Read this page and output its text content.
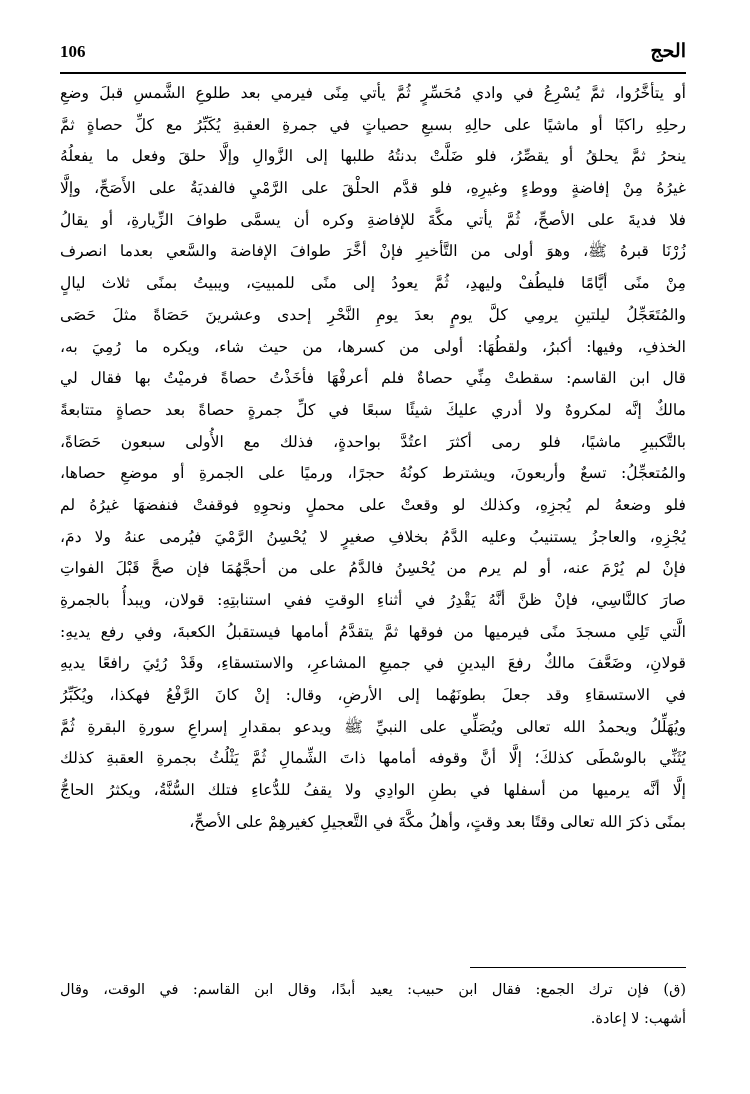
106	الحج
أو يتأخَّرُوا، ثمَّ يُسْرِعُ في وادي مُحَسِّرٍ ثُمَّ يأتي مِنًى فيرمي بعد طلوعِ الشَّمسِ قبلَ وضعِ
رحلِهِ راكبًا أو ماشيًا على حالِهِ بسبعِ حصياتٍ في جمرةِ العقبةِ يُكَبِّرُ مع كلِّ حصاةٍ ثمَّ
ينحرُ ثمَّ يحلقُ أو يقصِّرُ، فلو ضَلَّتْ بدنتُهُ طلبها إلى الزَّوالِ وإلَّا حلقَ وفعل ما يفعلُهُ
غيرُهُ مِنْ إفاضةٍ ووطءٍ وغيرِهِ، فلو قدَّم الحلْقَ على الرَّمْيِ فالفديَةُ على الأَصَحِّ، وإلَّا
فلا فديةَ على الأصحِّ، ثُمَّ يأتي مكَّةَ للإفاضةِ وكره أن يسمَّى طوافَ الزِّيارةِ، أو يقالُ
زُرْنَا قبرهُ ﷺ، وهوَ أولى من التَّأخيرِ فإنْ أخَّرَ طوافَ الإفاضة والسَّعي بعدما انصرف
مِنْ منًى أيَّامًا فليطُفْ وليهدِ، ثُمَّ يعودُ إلى منًى للمبيتِ، ويبيتُ بمنًى ثلاث ليالٍ
والمُتَعَجِّلُ ليلتينِ يرمِي كلَّ يومٍ بعدَ يومِ النَّحْرِ إحدى وعشرينَ حَصَاةً مثلَ حَصَى
الخذفِ، وفيها: أكبرُ، ولقطُهَا: أولى من كسرها، من حيث شاء، ويكره ما رُمِيَ به،
قال ابن القاسم: سقطتْ مِنِّي حصاةٌ فلم أعرفْهَا فأخَذْتُ حصاةً فرميْتُ بها فقال لي
مالكٌ إنَّه لمكروهٌ ولا أدري عليكَ شيئًا سبعًا في كلِّ جمرةٍ حصاةً بعد حصاةٍ متتابعةً
بالتَّكبيرِ ماشيًا، فلو رمى أكثرَ اعتُدَّ بواحدةٍ، فذلك مع الأُولى سبعون حَصَاةً،
والمُتعجِّلُ: تسعٌ وأربعونَ، ويشترط كونُهُ حجرًا، ورميًا على الجمرةِ أو موضعِ حصاها،
فلو وضعهُ لم يُجزِهِ، وكذلك لو وقعتْ على محملٍ ونحوِهِ فوقفتْ فنفضهَا غيرُهُ لم
يُجْزِهِ، والعاجزُ يستنيبُ وعليه الدَّمُ بخلافِ صغيرٍ لا يُحْسِنُ الرَّمْيَ فيُرمى عنهُ ولا دمَ،
فإنْ لم يُرْمَ عنه، أو لم يرم من يُحْسِنُ فالدَّمُ على من أحجَّهُمَا فإن صحَّ قَبْلَ الفواتِ
صارَ كالنَّاسِي، فإنْ ظنَّ أنَّهُ يَقْدِرُ في أثناءِ الوقتِ ففي استنابتِهِ: قولان، ويبدأُ بالجمرةِ
الَّتي تَلِي مسجدَ منًى فيرميها من فوقها ثمَّ يتقدَّمُ أمامها فيستقبلُ الكعبةَ، وفي رفع يديهِ:
قولانِ، وضَعَّفَ مالكٌ رفعَ اليدينِ في جميعِ المشاعرِ، والاستسقاءِ، وقَدْ رُئِيَ رافعًا يديهِ
في الاستسقاءِ وقد جعلَ بطونَهُما إلى الأرضِ، وقال: إنْ كانَ الرَّفْعُ فهكذا، ويُكَبِّرُ
ويُهَلِّلُ ويحمدُ الله تعالى ويُصَلِّي على النبيِّ ﷺ ويدعو بمقدارِ إسراعِ سورةِ البقرةِ ثُمَّ
يُثَنِّي بالوسْطَى كذلكَ؛ إلَّا أنَّ وقوفه أمامها ذاتَ الشِّمالِ ثُمَّ يَثْلُثُ بجمرةِ العقبةِ كذلك
إلَّا أنَّه يرميها من أسفلها في بطنِ الوادِي ولا يقفُ للدُّعاءِ فتلك السُّنَّةُ، ويكثرُ الحاجُّ
بمنًى ذكرَ الله تعالى وقتًا بعد وقتٍ، وأهلُ مكَّةَ في التَّعجيلِ كغيرهِمْ على الأصحِّ،
(ق) فإن ترك الجمع: فقال ابن حبيب: يعيد أبدًا، وقال ابن القاسم: في الوقت، وقال
أشهب: لا إعادة.
